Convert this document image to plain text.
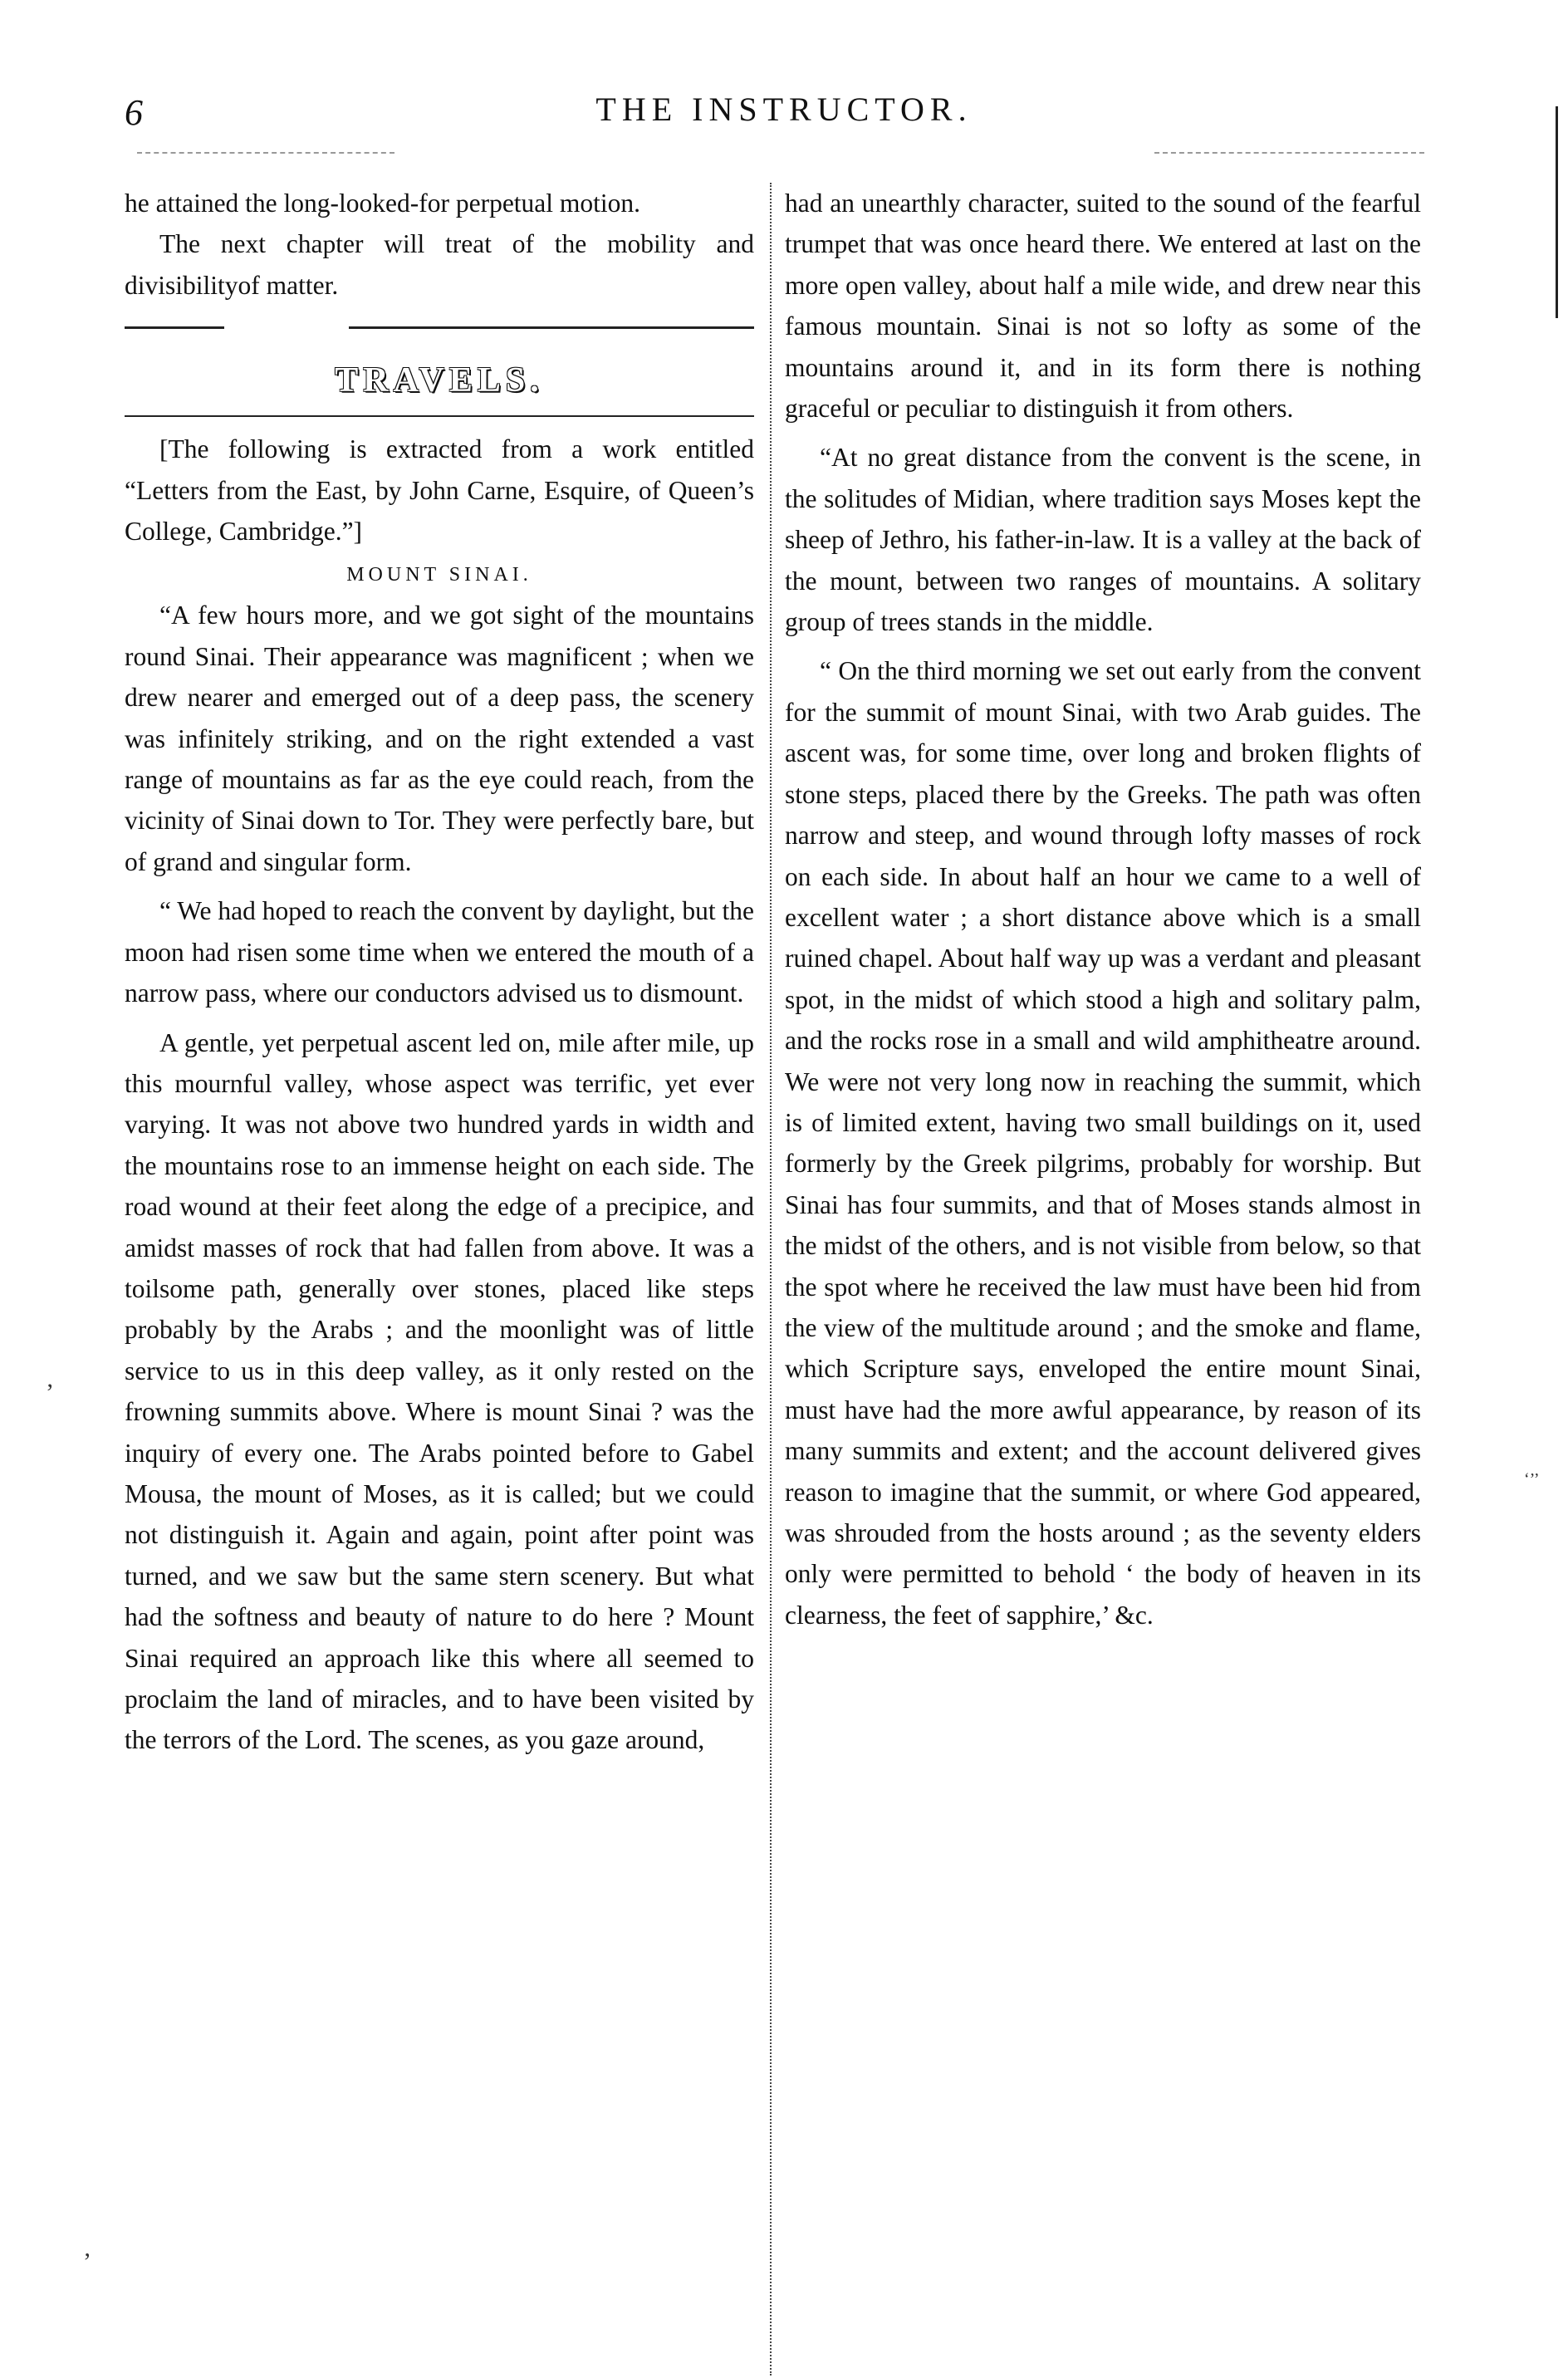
6	THE INSTRUCTOR.

he attained the long-looked-for perpetual motion.

The next chapter will treat of the mobility and divisibilityof matter.

TRAVELS.

[The following is extracted from a work entitled “Letters from the East, by John Carne, Esquire, of Queen’s College, Cambridge.”]

MOUNT SINAI.

“A few hours more, and we got sight of the mountains round Sinai. Their appearance was magnificent ; when we drew nearer and emerged out of a deep pass, the scenery was infinitely striking, and on the right extended a vast range of mountains as far as the eye could reach, from the vicinity of Sinai down to Tor. They were perfectly bare, but of grand and singular form.

“ We had hoped to reach the convent by daylight, but the moon had risen some time when we entered the mouth of a narrow pass, where our conductors advised us to dismount.

A gentle, yet perpetual ascent led on, mile after mile, up this mournful valley, whose aspect was terrific, yet ever varying. It was not above two hundred yards in width and the mountains rose to an immense height on each side. The road wound at their feet along the edge of a precipice, and amidst masses of rock that had fallen from above. It was a toilsome path, generally over stones, placed like steps probably by the Arabs ; and the moonlight was of little service to us in this deep valley, as it only rested on the frowning summits above. Where is mount Sinai ? was the inquiry of every one. The Arabs pointed before to Gabel Mousa, the mount of Moses, as it is called; but we could not distinguish it. Again and again, point after point was turned, and we saw but the same stern scenery. But what had the softness and beauty of nature to do here ? Mount Sinai required an approach like this where all seemed to proclaim the land of miracles, and to have been visited by the terrors of the Lord. The scenes, as you gaze around,

had an unearthly character, suited to the sound of the fearful trumpet that was once heard there. We entered at last on the more open valley, about half a mile wide, and drew near this famous mountain. Sinai is not so lofty as some of the mountains around it, and in its form there is nothing graceful or peculiar to distinguish it from others.

“At no great distance from the convent is the scene, in the solitudes of Midian, where tradition says Moses kept the sheep of Jethro, his father-in-law. It is a valley at the back of the mount, between two ranges of mountains. A solitary group of trees stands in the middle.

“ On the third morning we set out early from the convent for the summit of mount Sinai, with two Arab guides. The ascent was, for some time, over long and broken flights of stone steps, placed there by the Greeks. The path was often narrow and steep, and wound through lofty masses of rock on each side. In about half an hour we came to a well of excellent water ; a short distance above which is a small ruined chapel. About half way up was a verdant and pleasant spot, in the midst of which stood a high and solitary palm, and the rocks rose in a small and wild amphitheatre around. We were not very long now in reaching the summit, which is of limited extent, having two small buildings on it, used formerly by the Greek pilgrims, probably for worship. But Sinai has four summits, and that of Moses stands almost in the midst of the others, and is not visible from below, so that the spot where he received the law must have been hid from the view of the multitude around ; and the smoke and flame, which Scripture says, enveloped the entire mount Sinai, must have had the more awful appearance, by reason of its many summits and extent; and the account delivered gives reason to imagine that the summit, or where God appeared, was shrouded from the hosts around ; as the seventy elders only were permitted to behold ‘ the body of heaven in its clearness, the feet of sapphire,’ &c.

’
‘’’
‚
